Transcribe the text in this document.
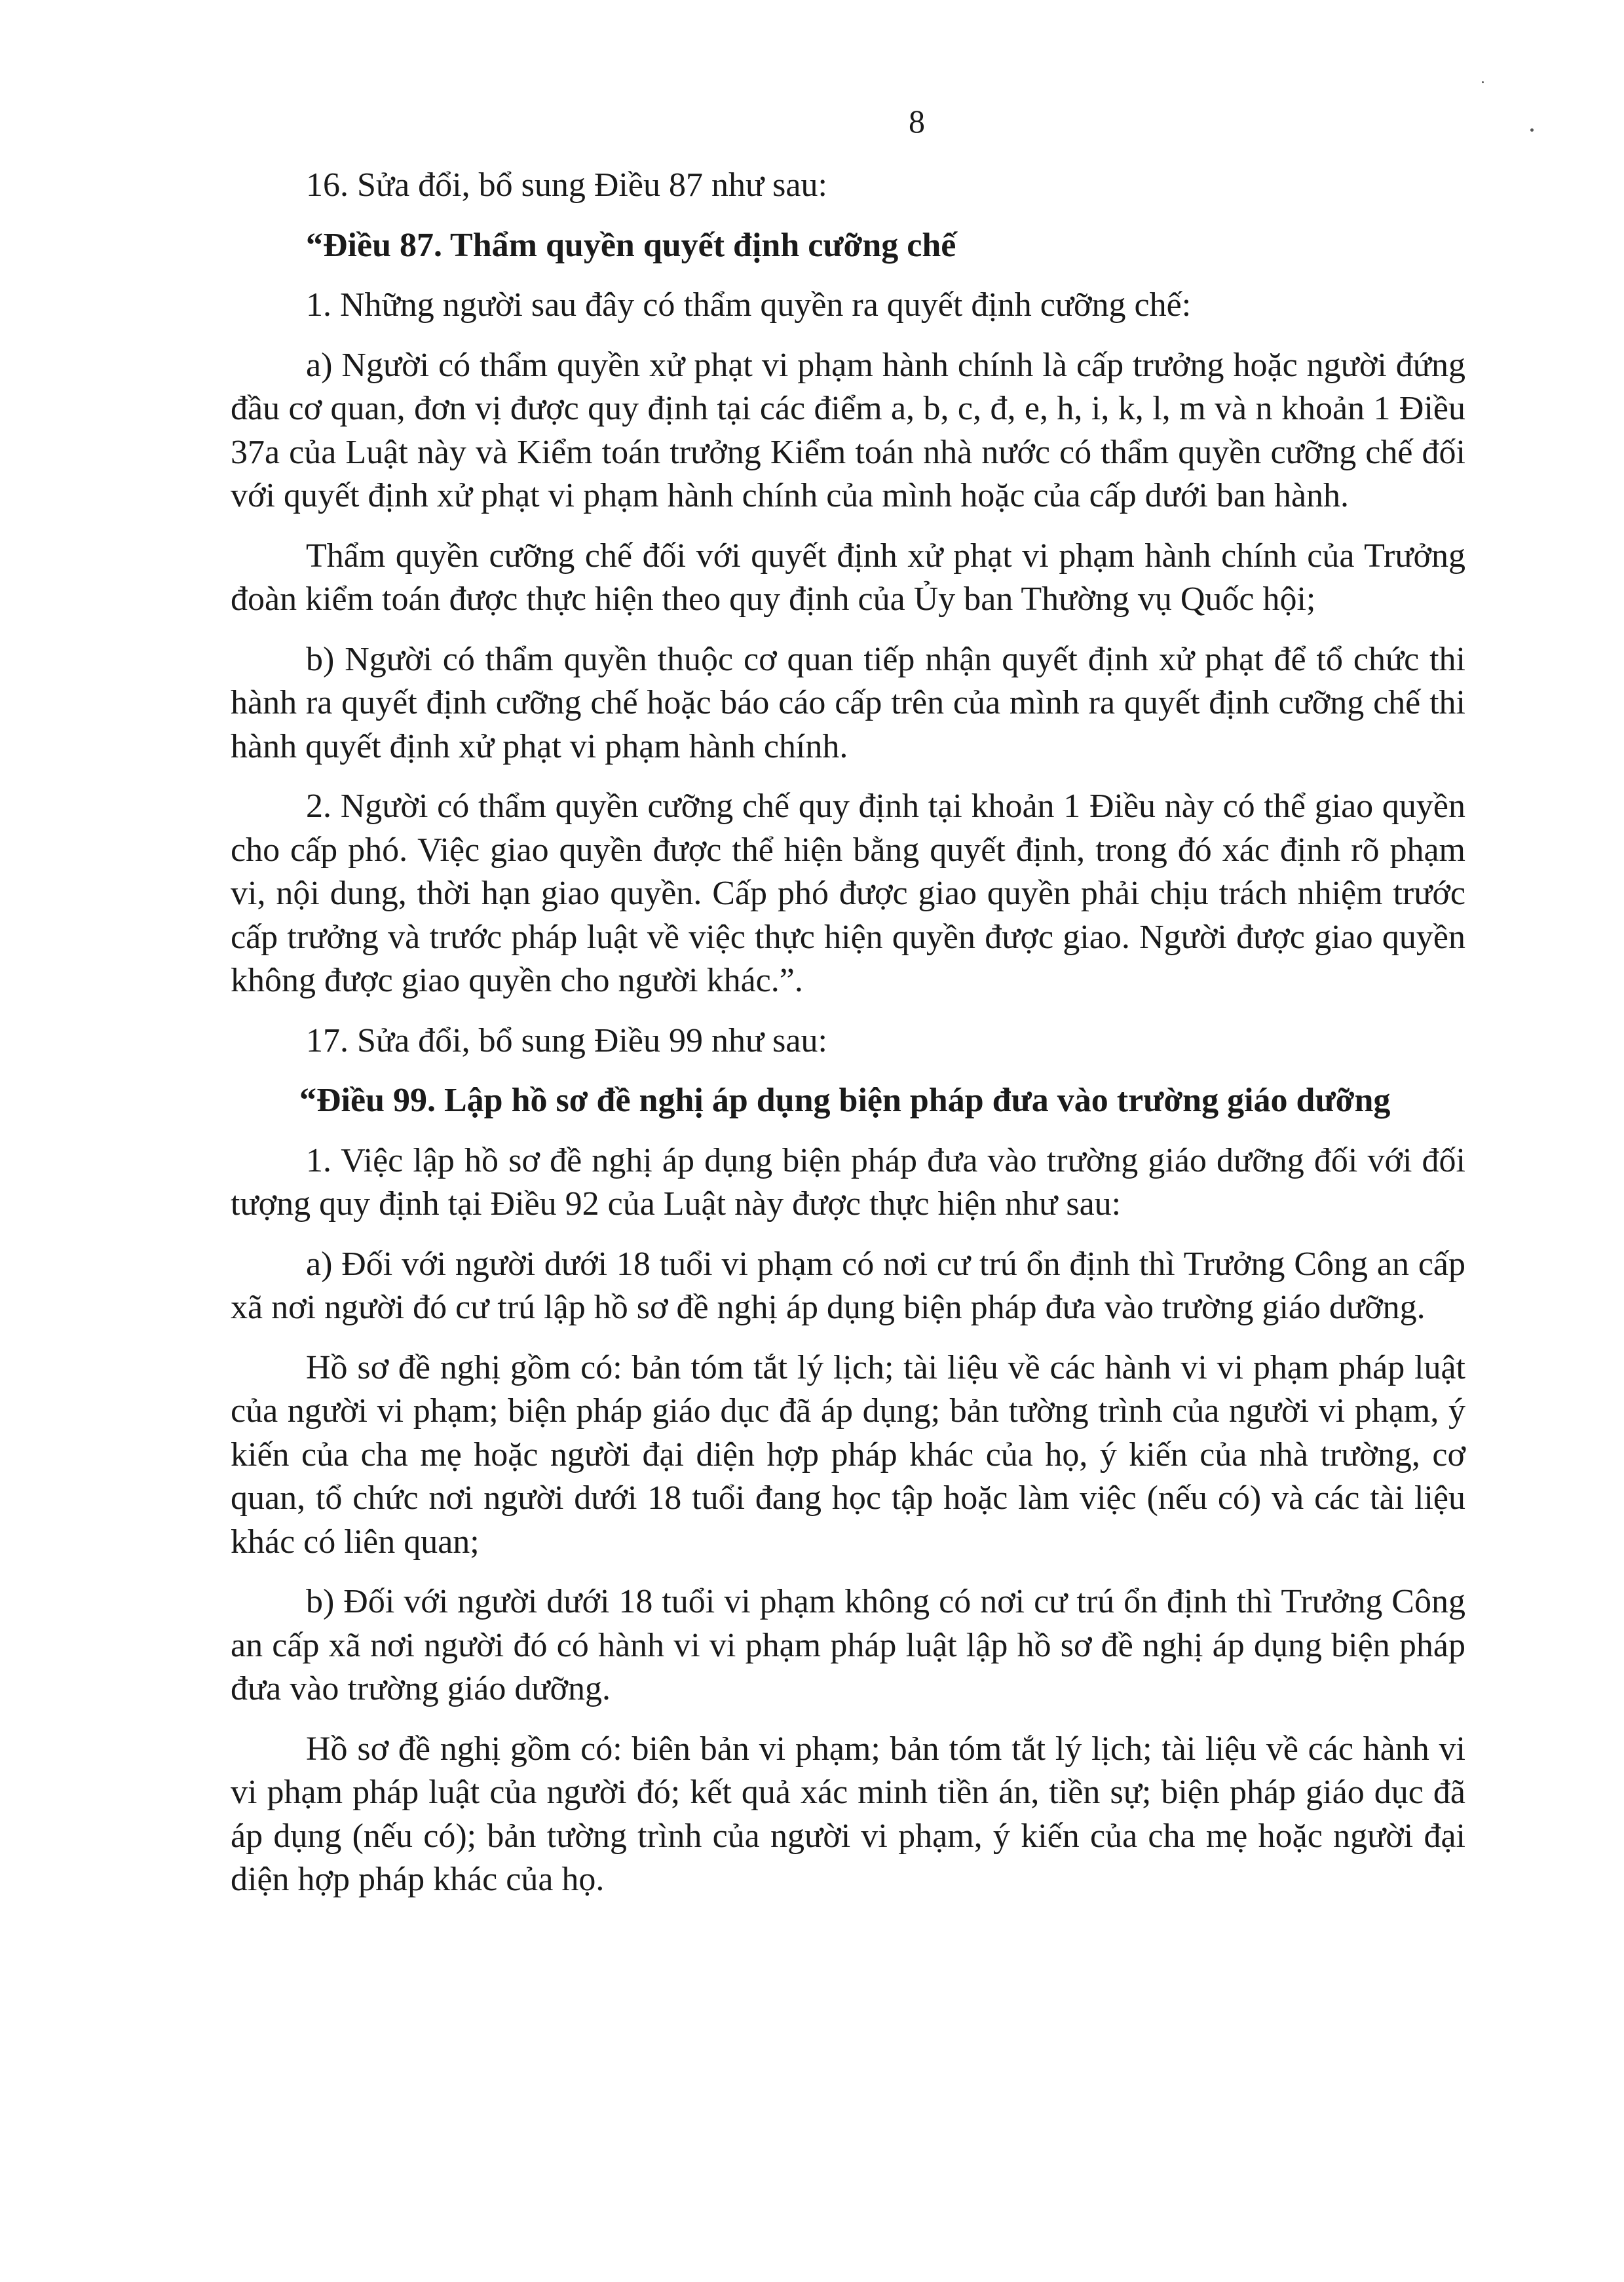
8

16. Sửa đổi, bổ sung Điều 87 như sau:

“Điều 87. Thẩm quyền quyết định cưỡng chế

1. Những người sau đây có thẩm quyền ra quyết định cưỡng chế:

a) Người có thẩm quyền xử phạt vi phạm hành chính là cấp trưởng hoặc người đứng đầu cơ quan, đơn vị được quy định tại các điểm a, b, c, đ, e, h, i, k, l, m và n khoản 1 Điều 37a của Luật này và Kiểm toán trưởng Kiểm toán nhà nước có thẩm quyền cưỡng chế đối với quyết định xử phạt vi phạm hành chính của mình hoặc của cấp dưới ban hành.

Thẩm quyền cưỡng chế đối với quyết định xử phạt vi phạm hành chính của Trưởng đoàn kiểm toán được thực hiện theo quy định của Ủy ban Thường vụ Quốc hội;

b) Người có thẩm quyền thuộc cơ quan tiếp nhận quyết định xử phạt để tổ chức thi hành ra quyết định cưỡng chế hoặc báo cáo cấp trên của mình ra quyết định cưỡng chế thi hành quyết định xử phạt vi phạm hành chính.

2. Người có thẩm quyền cưỡng chế quy định tại khoản 1 Điều này có thể giao quyền cho cấp phó. Việc giao quyền được thể hiện bằng quyết định, trong đó xác định rõ phạm vi, nội dung, thời hạn giao quyền. Cấp phó được giao quyền phải chịu trách nhiệm trước cấp trưởng và trước pháp luật về việc thực hiện quyền được giao. Người được giao quyền không được giao quyền cho người khác.”.

17. Sửa đổi, bổ sung Điều 99 như sau:

“Điều 99. Lập hồ sơ đề nghị áp dụng biện pháp đưa vào trường giáo dưỡng

1. Việc lập hồ sơ đề nghị áp dụng biện pháp đưa vào trường giáo dưỡng đối với đối tượng quy định tại Điều 92 của Luật này được thực hiện như sau:

a) Đối với người dưới 18 tuổi vi phạm có nơi cư trú ổn định thì Trưởng Công an cấp xã nơi người đó cư trú lập hồ sơ đề nghị áp dụng biện pháp đưa vào trường giáo dưỡng.

Hồ sơ đề nghị gồm có: bản tóm tắt lý lịch; tài liệu về các hành vi vi phạm pháp luật của người vi phạm; biện pháp giáo dục đã áp dụng; bản tường trình của người vi phạm, ý kiến của cha mẹ hoặc người đại diện hợp pháp khác của họ, ý kiến của nhà trường, cơ quan, tổ chức nơi người dưới 18 tuổi đang học tập hoặc làm việc (nếu có) và các tài liệu khác có liên quan;

b) Đối với người dưới 18 tuổi vi phạm không có nơi cư trú ổn định thì Trưởng Công an cấp xã nơi người đó có hành vi vi phạm pháp luật lập hồ sơ đề nghị áp dụng biện pháp đưa vào trường giáo dưỡng.

Hồ sơ đề nghị gồm có: biên bản vi phạm; bản tóm tắt lý lịch; tài liệu về các hành vi vi phạm pháp luật của người đó; kết quả xác minh tiền án, tiền sự; biện pháp giáo dục đã áp dụng (nếu có); bản tường trình của người vi phạm, ý kiến của cha mẹ hoặc người đại diện hợp pháp khác của họ.
